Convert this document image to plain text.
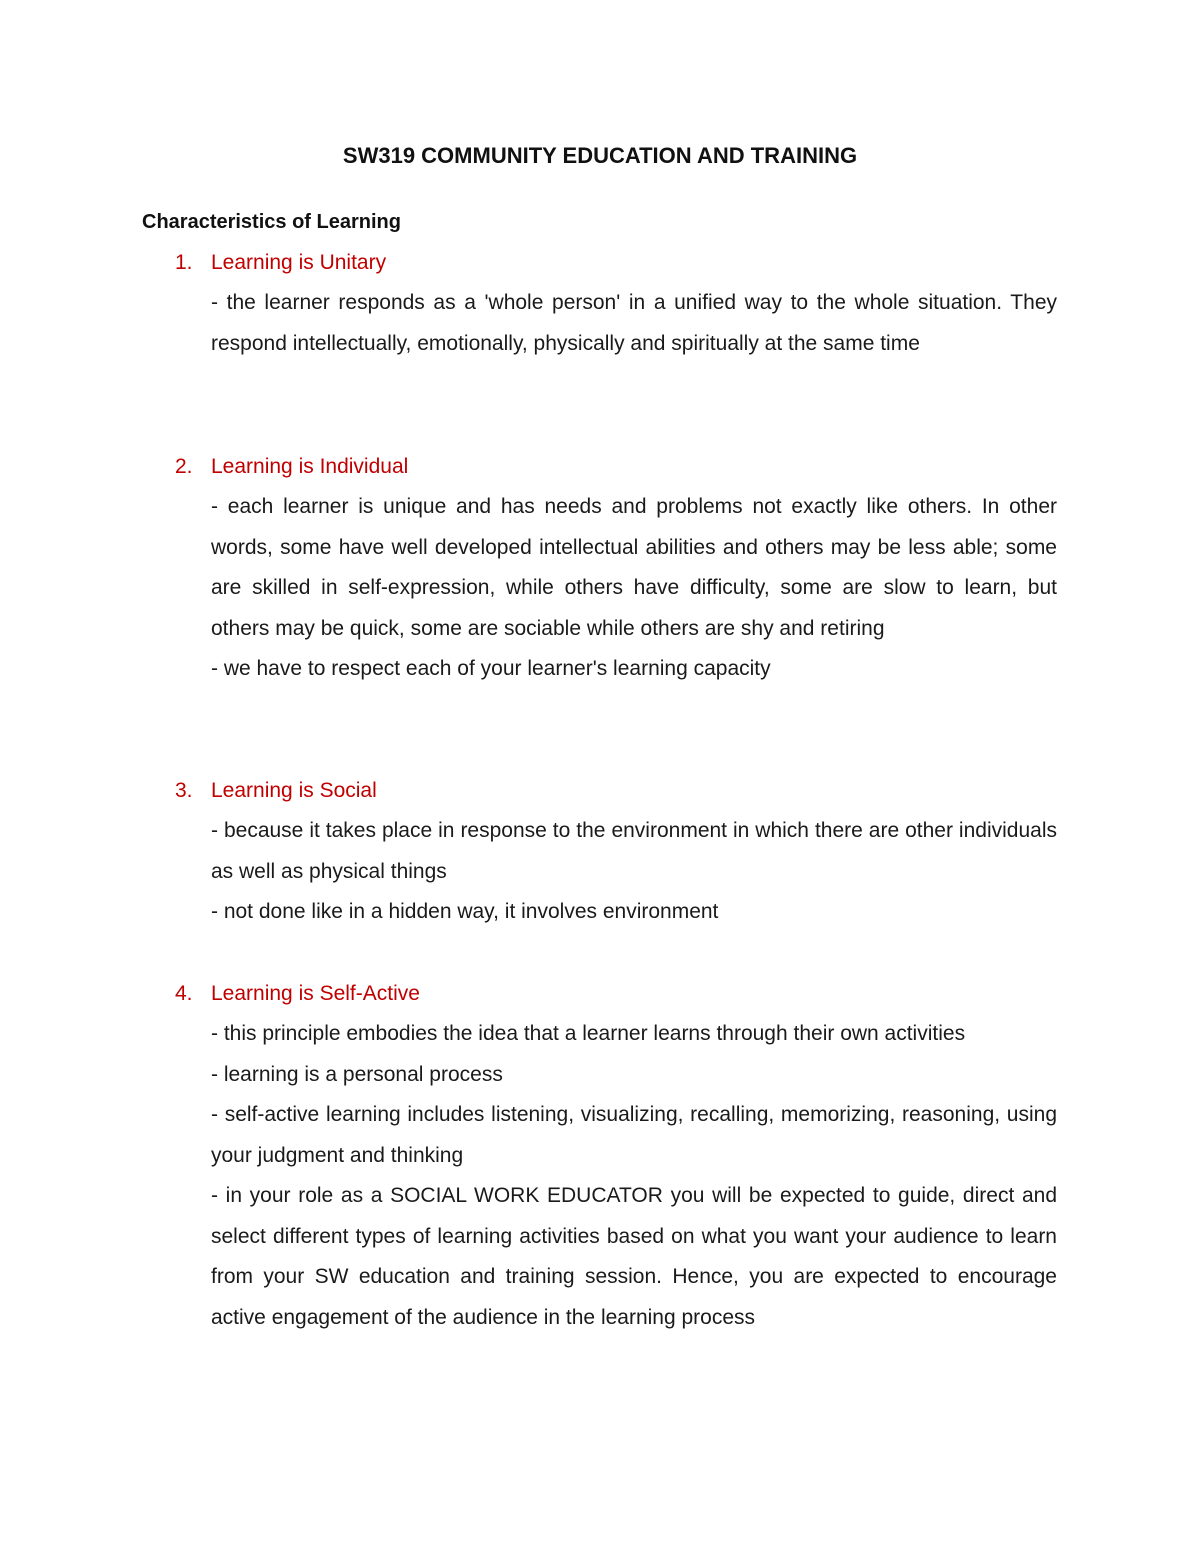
SW319 COMMUNITY EDUCATION AND TRAINING
Characteristics of Learning
1. Learning is Unitary
- the learner responds as a 'whole person' in a unified way to the whole situation. They respond intellectually, emotionally, physically and spiritually at the same time
2. Learning is Individual
- each learner is unique and has needs and problems not exactly like others. In other words, some have well developed intellectual abilities and others may be less able; some are skilled in self-expression, while others have difficulty, some are slow to learn, but others may be quick, some are sociable while others are shy and retiring
- we have to respect each of your learner's learning capacity
3. Learning is Social
- because it takes place in response to the environment in which there are other individuals as well as physical things
- not done like in a hidden way, it involves environment
4. Learning is Self-Active
- this principle embodies the idea that a learner learns through their own activities
- learning is a personal process
- self-active learning includes listening, visualizing, recalling, memorizing, reasoning, using your judgment and thinking
- in your role as a SOCIAL WORK EDUCATOR you will be expected to guide, direct and select different types of learning activities based on what you want your audience to learn from your SW education and training session. Hence, you are expected to encourage active engagement of the audience in the learning process
